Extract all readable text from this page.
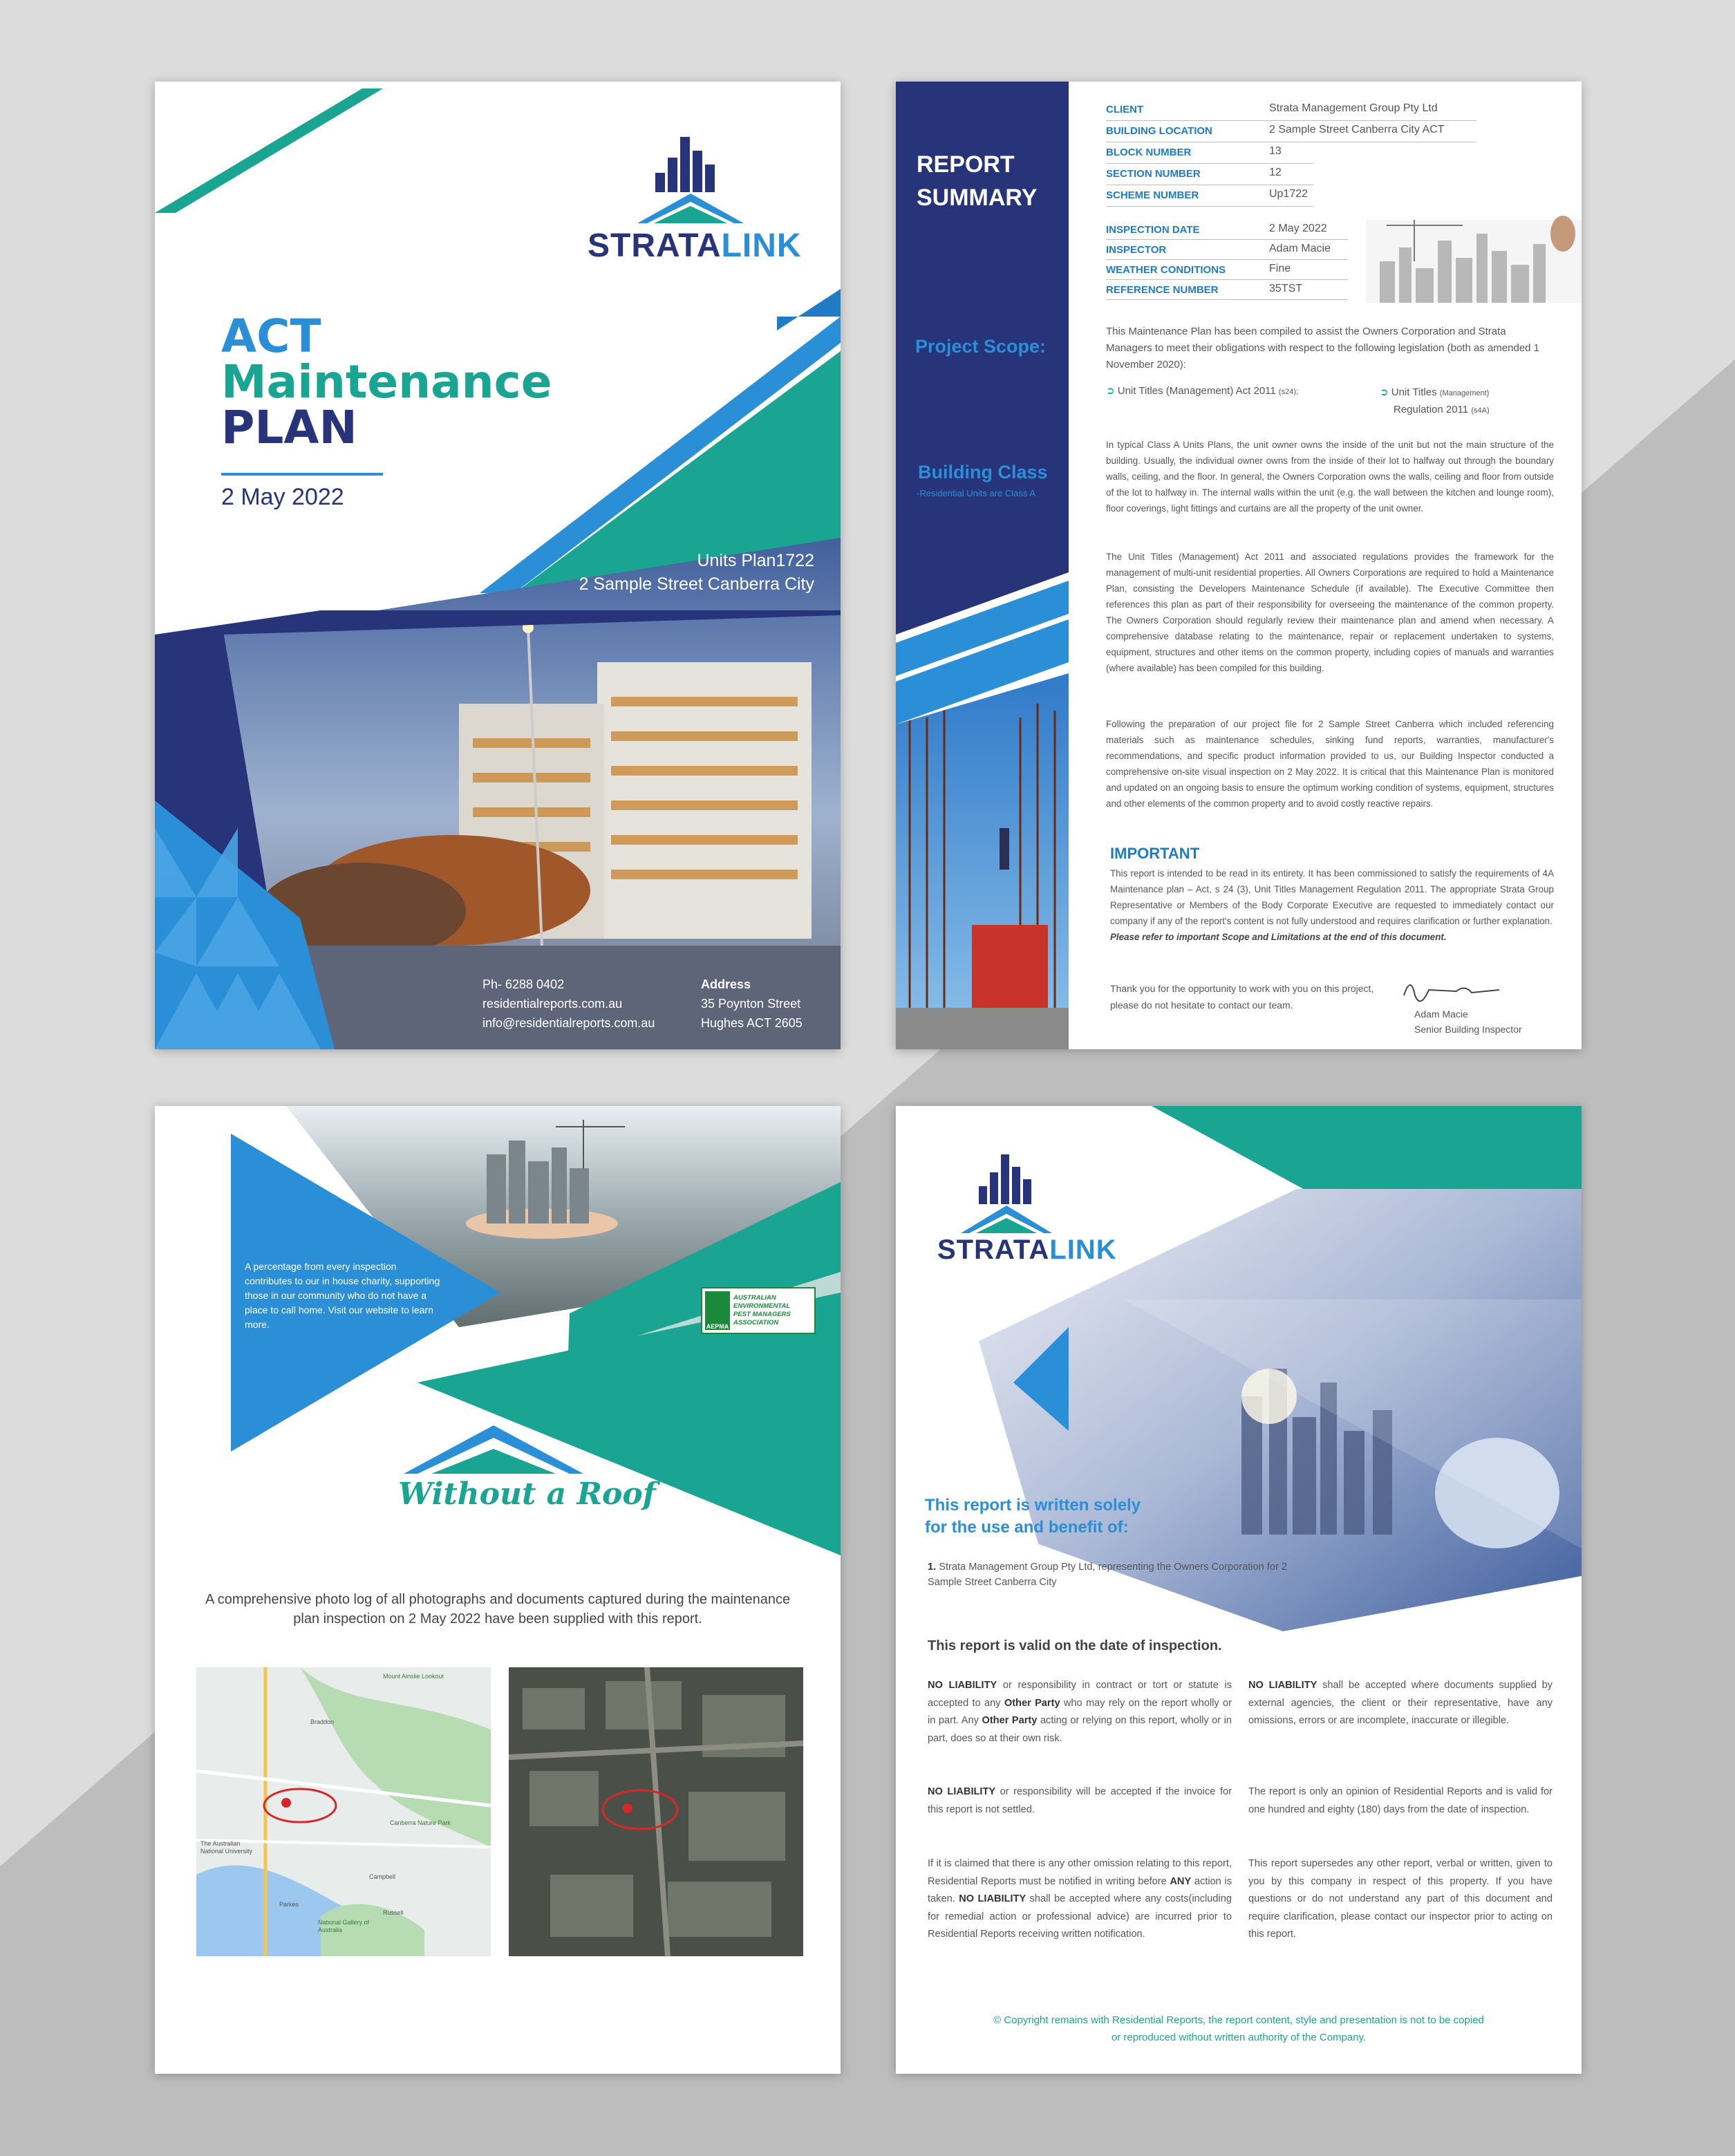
STRATALINK
ACT
Maintenance
PLAN
2 May 2022
Units Plan1722
2 Sample Street Canberra City
Ph- 6288 0402
residentialreports.com.au
info@residentialreports.com.au
Address
35 Poynton Street
Hughes ACT 2605
REPORT
SUMMARY
Project Scope:
Building Class
-Residential Units are Class A
CLIENT	Strata Management Group Pty Ltd
BUILDING LOCATION	2 Sample Street Canberra City ACT
BLOCK NUMBER	13
SECTION NUMBER	12
SCHEME NUMBER	Up1722
INSPECTION DATE	2 May 2022
INSPECTOR	Adam Macie
WEATHER CONDITIONS	Fine
REFERENCE NUMBER	35TST
This Maintenance Plan has been compiled to assist the Owners Corporation and Strata Managers to meet their obligations with respect to the following legislation (both as amended 1 November 2020):
➲ Unit Titles (Management) Act 2011 (s24);	➲ Unit Titles (Management)
Regulation 2011 (s4A)
In typical Class A Units Plans, the unit owner owns the inside of the unit but not the main structure of the building. Usually, the individual owner owns from the inside of their lot to halfway out through the boundary walls, ceiling, and the floor. In general, the Owners Corporation owns the walls, ceiling and floor from outside of the lot to halfway in. The internal walls within the unit (e.g. the wall between the kitchen and lounge room), floor coverings, light fittings and curtains are all the property of the unit owner.
The Unit Titles (Management) Act 2011 and associated regulations provides the framework for the management of multi-unit residential properties. All Owners Corporations are required to hold a Maintenance Plan, consisting the Developers Maintenance Schedule (if available). The Executive Committee then references this plan as part of their responsibility for overseeing the maintenance of the common property. The Owners Corporation should regularly review their maintenance plan and amend when necessary. A comprehensive database relating to the maintenance, repair or replacement undertaken to systems, equipment, structures and other items on the common property, including copies of manuals and warranties (where available) has been compiled for this building.
Following the preparation of our project file for 2 Sample Street Canberra which included referencing materials such as maintenance schedules, sinking fund reports, warranties, manufacturer's recommendations, and specific product information provided to us, our Building Inspector conducted a comprehensive on-site visual inspection on 2 May 2022. It is critical that this Maintenance Plan is monitored and updated on an ongoing basis to ensure the optimum working condition of systems, equipment, structures and other elements of the common property and to avoid costly reactive repairs.
IMPORTANT
This report is intended to be read in its entirety. It has been commissioned to satisfy the requirements of 4A Maintenance plan – Act, s 24 (3), Unit Titles Management Regulation 2011. The appropriate Strata Group Representative or Members of the Body Corporate Executive are requested to immediately contact our company if any of the report's content is not fully understood and requires clarification or further explanation.
Please refer to important Scope and Limitations at the end of this document.
Thank you for the opportunity to work with you on this project, please do not hesitate to contact our team.
Adam Macie
Senior Building Inspector
A percentage from every inspection contributes to our in house charity, supporting those in our community who do not have a place to call home. Visit our website to learn more.	AEPMA
AUSTRALIAN
ENVIRONMENTAL
PEST MANAGERS
ASSOCIATION
Without a Roof
A comprehensive photo log of all photographs and documents captured during the maintenance plan inspection on 2 May 2022 have been supplied with this report.
Braddon
The Australian National University
Mount Ainslie Lookout
Campbell
Russell
Canberra Nature Park
National Gallery of Australia
Parkes
STRATALINK
This report is written solely
for the use and benefit of:
1. Strata Management Group Pty Ltd, representing the Owners Corporation for 2 Sample Street Canberra City
This report is valid on the date of inspection.
NO LIABILITY or responsibility in contract or tort or statute is accepted to any Other Party who may rely on the report wholly or in part. Any Other Party acting or relying on this report, wholly or in part, does so at their own risk.
NO LIABILITY or responsibility will be accepted if the invoice for this report is not settled.
If it is claimed that there is any other omission relating to this report, Residential Reports must be notified in writing before ANY action is taken. NO LIABILITY shall be accepted where any costs(including for remedial action or professional advice) are incurred prior to Residential Reports receiving written notification.
NO LIABILITY shall be accepted where documents supplied by external agencies, the client or their representative, have any omissions, errors or are incomplete, inaccurate or illegible.
The report is only an opinion of Residential Reports and is valid for one hundred and eighty (180) days from the date of inspection.
This report supersedes any other report, verbal or written, given to you by this company in respect of this property. If you have questions or do not understand any part of this document and require clarification, please contact our inspector prior to acting on this report.
© Copyright remains with Residential Reports, the report content, style and presentation is not to be copied
or reproduced without written authority of the Company.
